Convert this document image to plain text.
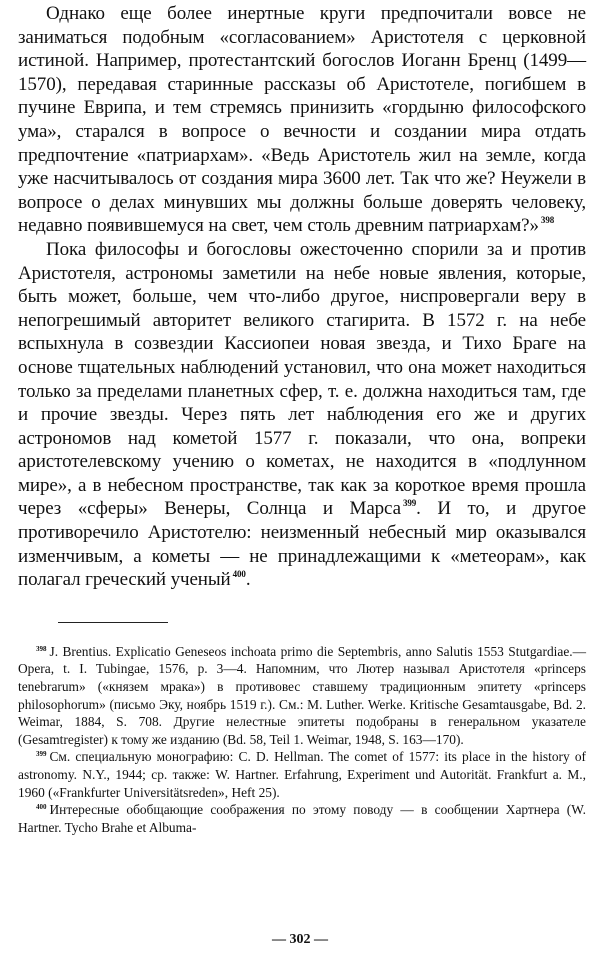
Однако еще более инертные круги предпочитали вовсе не заниматься подобным «согласованием» Аристотеля с церковной истиной. Например, протестантский богослов Иоганн Бренц (1499—1570), передавая старинные рассказы об Аристотеле, погибшем в пучине Еврипа, и тем стремясь принизить «гордыню философского ума», старался в вопросе о вечности и создании мира отдать предпочтение «патриархам». «Ведь Аристотель жил на земле, когда уже насчитывалось от создания мира 3600 лет. Так что же? Неужели в вопросе о делах минувших мы должны больше доверять человеку, недавно появившемуся на свет, чем столь древним патриархам?» $^{398}$

Пока философы и богословы ожесточенно спорили за и против Аристотеля, астрономы заметили на небе новые явления, которые, быть может, больше, чем что-либо другое, ниспровергали веру в непогрешимый авторитет великого стагирита. В 1572 г. на небе вспыхнула в созвездии Кассиопеи новая звезда, и Тихо Браге на основе тщательных наблюдений установил, что она может находиться только за пределами планетных сфер, т. е. должна находиться там, где и прочие звезды. Через пять лет наблюдения его же и других астрономов над кометой 1577 г. показали, что она, вопреки аристотелевскому учению о кометах, не находится в «подлунном мире», а в небесном пространстве, так как за короткое время прошла через «сферы» Венеры, Солнца и Марса $^{399}$. И то, и другое противоречило Аристотелю: неизменный небесный мир оказывался изменчивым, а кометы — не принадлежащими к «метеорам», как полагал греческий ученый $^{400}$.

$^{398}$ J. Brentius. Explicatio Geneseos inchoata primo die Septembris, anno Salutis 1553 Stutgardiae.— Opera, t. I. Tubingae, 1576, p. 3—4. Напомним, что Лютер называл Аристотеля «princeps tenebrarum» («князем мрака») в противовес ставшему традиционным эпитету «princeps philosophorum» (письмо Эку, ноябрь 1519 г.). См.: M. Luther. Werke. Kritische Gesamtausgabe, Bd. 2. Weimar, 1884, S. 708. Другие нелестные эпитеты подобраны в генеральном указателе (Gesamtregister) к тому же изданию (Bd. 58, Teil 1. Weimar, 1948, S. 163—170).

$^{399}$ См. специальную монографию: C. D. Hellman. The comet of 1577: its place in the history of astronomy. N.Y., 1944; ср. также: W. Hartner. Erfahrung, Experiment und Autorität. Frankfurt a. M., 1960 («Frankfurter Universitätsreden», Heft 25).

$^{400}$ Интересные обобщающие соображения по этому поводу — в сообщении Хартнера (W. Hartner. Tycho Brahe et Albuma-

— 302 —
